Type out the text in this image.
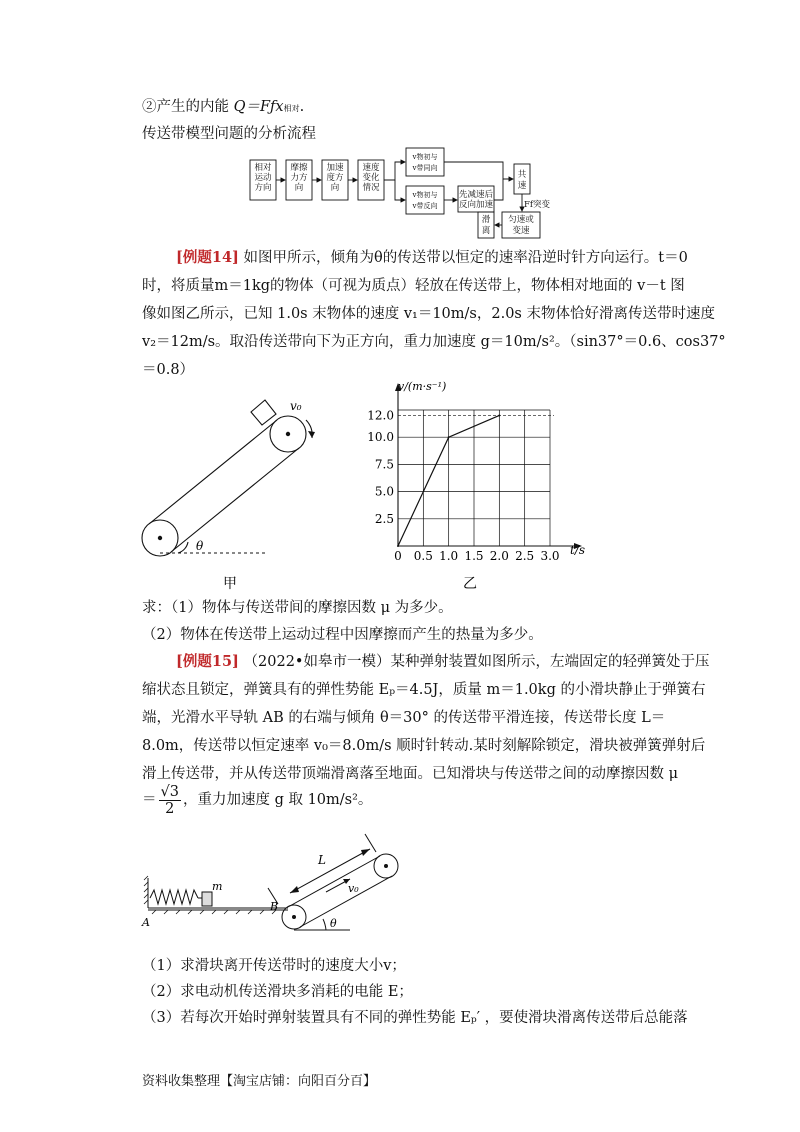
②产生的内能 Q＝Fƒx相对.
传送带模型问题的分析流程
相对
运动
方向
摩擦
力方
向
加速
度方
向
速度
变化
情况
v物初与
v带同向
v物初与
v带反向
先减速后
反向加速
共
速
Ff突变
匀速或
变速
滑
离
[例题14] 如图甲所示，倾角为θ的传送带以恒定的速率沿逆时针方向运行。t＝0
时，将质量m＝1kg的物体（可视为质点）轻放在传送带上，物体相对地面的 v－t 图
像如图乙所示，已知 1.0s 末物体的速度 v₁＝10m/s，2.0s 末物体恰好滑离传送带时速度
v₂＝12m/s。取沿传送带向下为正方向，重力加速度 g＝10m/s²。（sin37°＝0.6、cos37°
＝0.8）
v₀
θ
甲
0 0.5 1.0 1.5 2.0 2.5 3.0
2.5
5.0
7.5
10.0
12.0
v/(m·s⁻¹)
t/s
乙
求：（1）物体与传送带间的摩擦因数 μ 为多少。
（2）物体在传送带上运动过程中因摩擦而产生的热量为多少。
[例题15] （2022•如皋市一模）某种弹射装置如图所示，左端固定的轻弹簧处于压
缩状态且锁定，弹簧具有的弹性势能 Eₚ＝4.5J，质量 m＝1.0kg 的小滑块静止于弹簧右
端，光滑水平导轨 AB 的右端与倾角 θ＝30° 的传送带平滑连接，传送带长度 L＝
8.0m，传送带以恒定速率 v₀＝8.0m/s 顺时针转动.某时刻解除锁定，滑块被弹簧弹射后
滑上传送带，并从传送带顶端滑离落至地面。已知滑块与传送带之间的动摩擦因数 μ
＝ $\frac{√3}{2}$ ，重力加速度 g 取 10m/s²。
m
A
B
L
v₀
θ
（1）求滑块离开传送带时的速度大小v；
（2）求电动机传送滑块多消耗的电能 E；
（3）若每次开始时弹射装置具有不同的弹性势能 Eₚ′ ，要使滑块滑离传送带后总能落
资料收集整理【淘宝店铺：向阳百分百】
